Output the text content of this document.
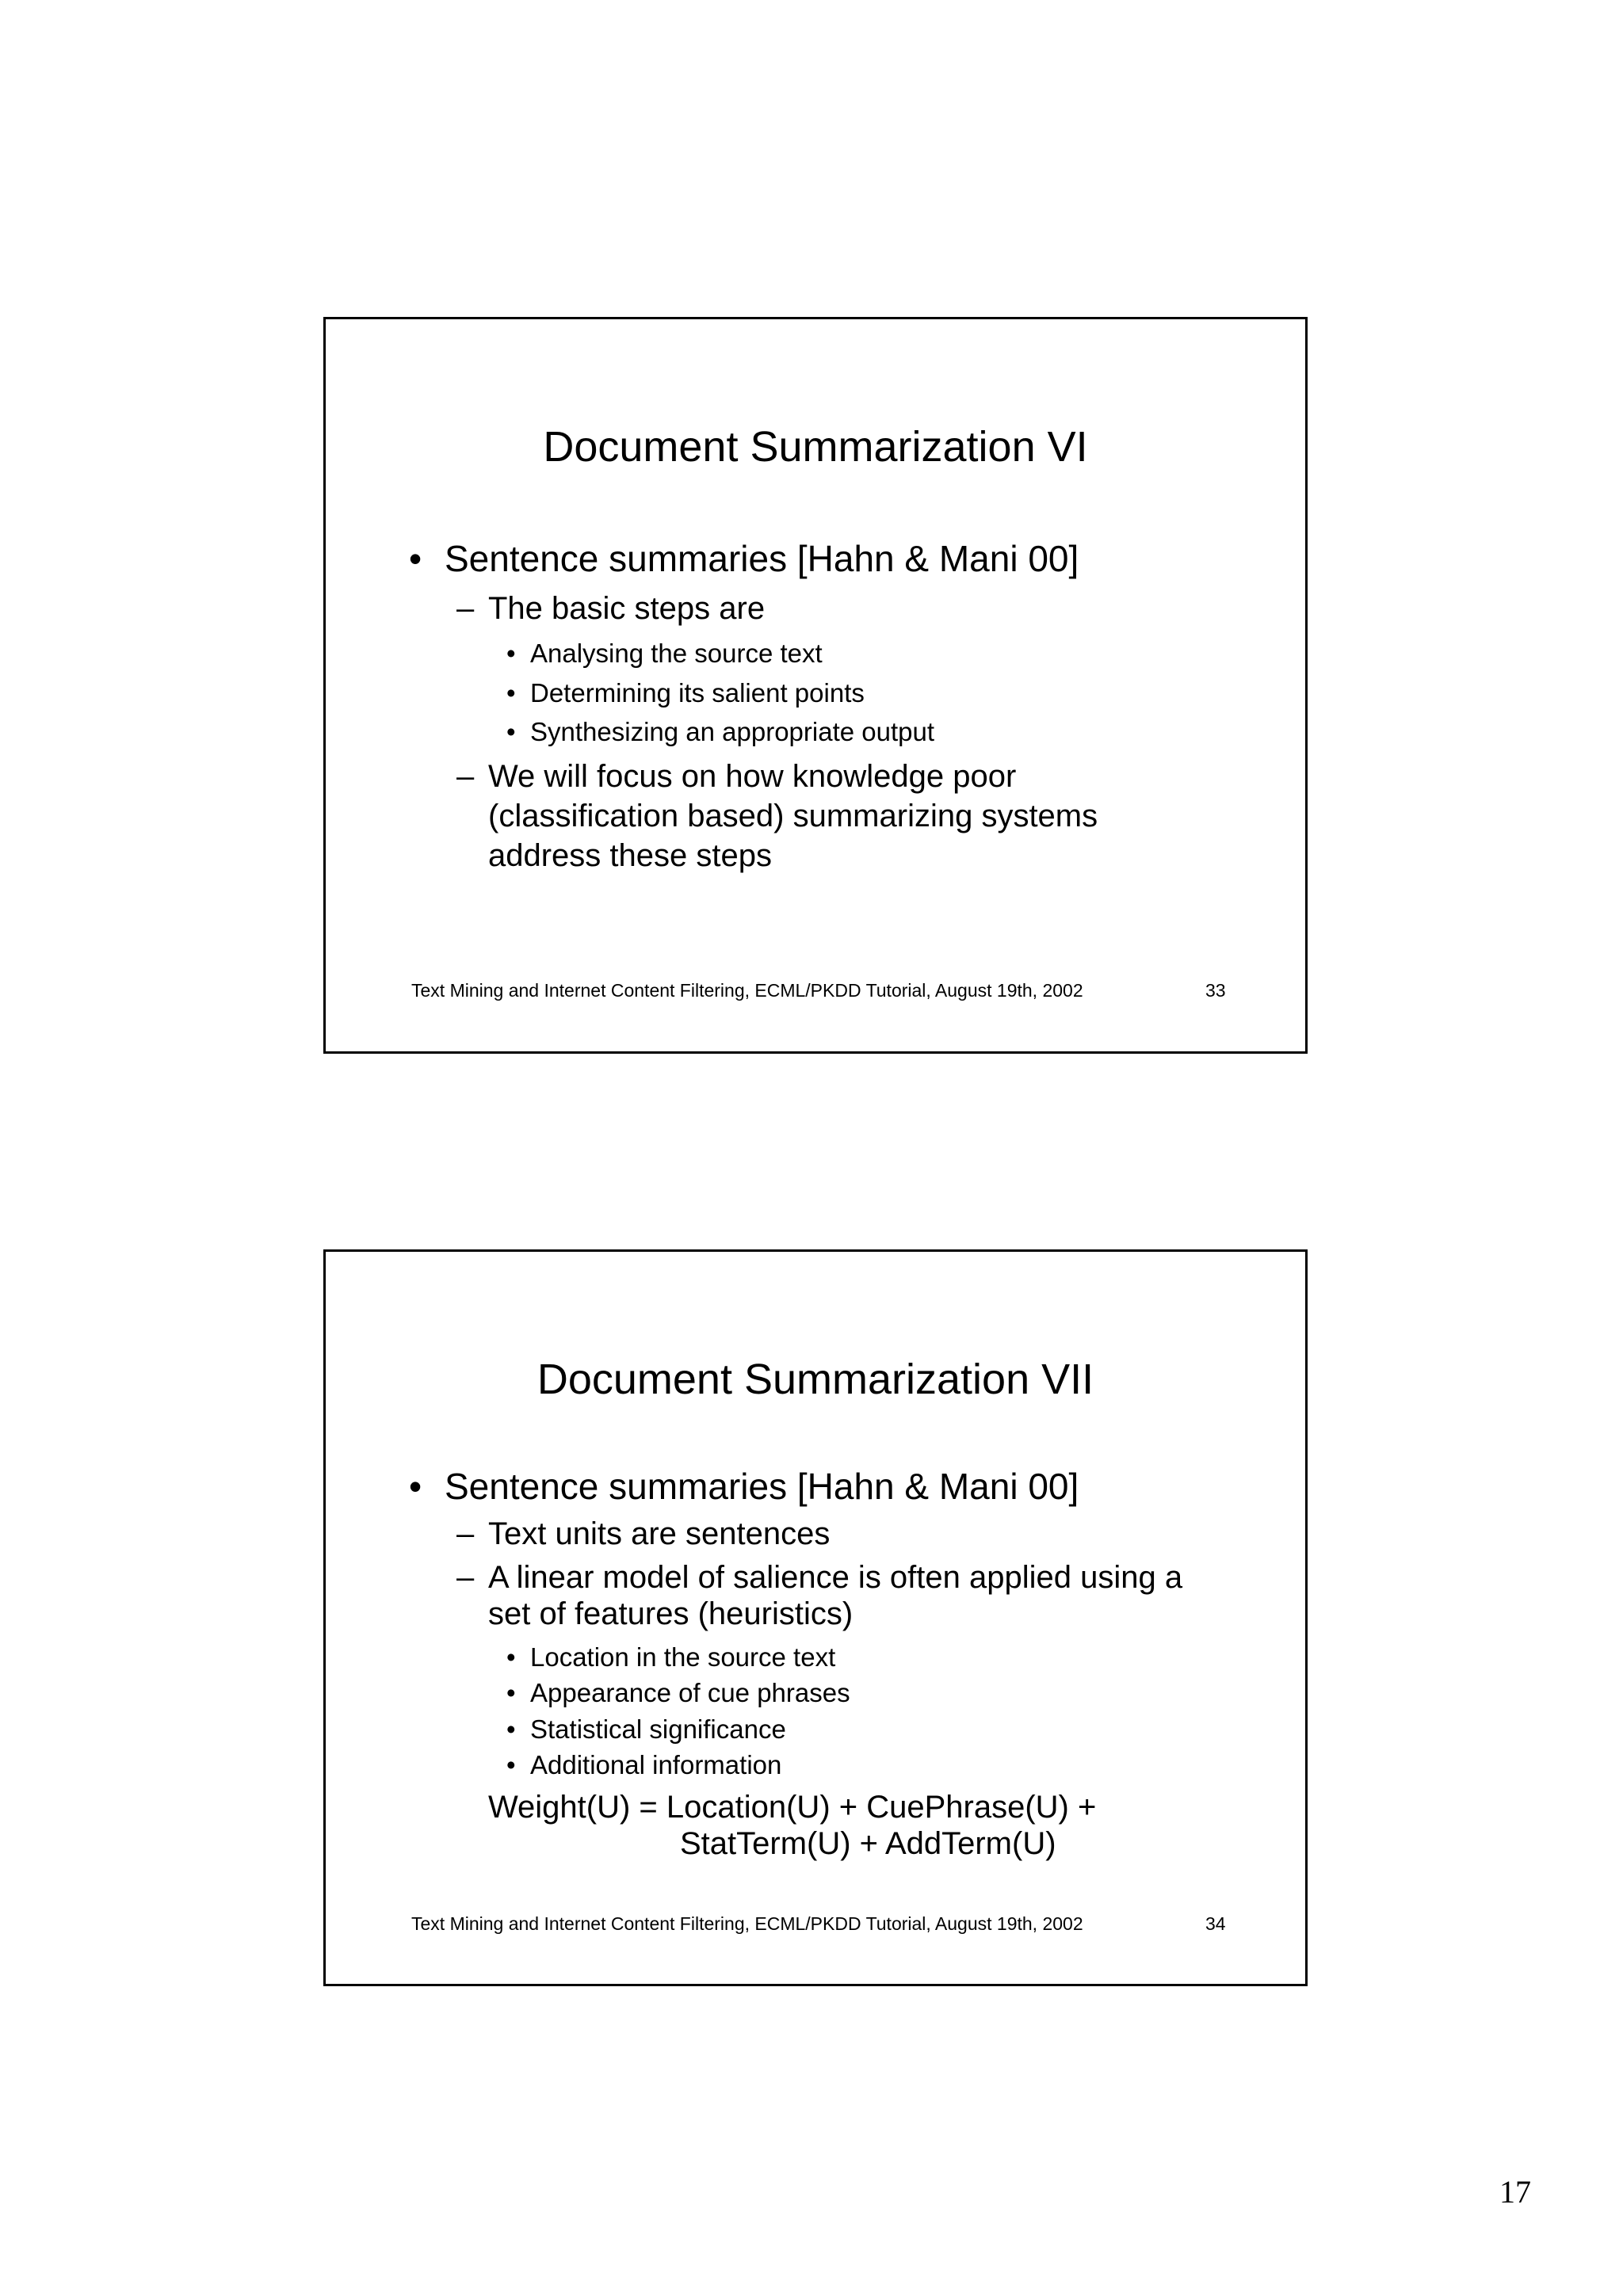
Document Summarization VI
• Sentence summaries [Hahn & Mani 00]
– The basic steps are
• Analysing the source text
• Determining its salient points
• Synthesizing an appropriate output
– We will focus on how knowledge poor
(classification based) summarizing systems
address these steps
Text Mining and Internet Content Filtering, ECML/PKDD Tutorial, August 19th, 2002	33
Document Summarization VII
• Sentence summaries [Hahn & Mani 00]
– Text units are sentences
– A linear model of salience is often applied using a
set of features (heuristics)
• Location in the source text
• Appearance of cue phrases
• Statistical significance
• Additional information
Weight(U) = Location(U) + CuePhrase(U) +
StatTerm(U) + AddTerm(U)
Text Mining and Internet Content Filtering, ECML/PKDD Tutorial, August 19th, 2002	34
17
